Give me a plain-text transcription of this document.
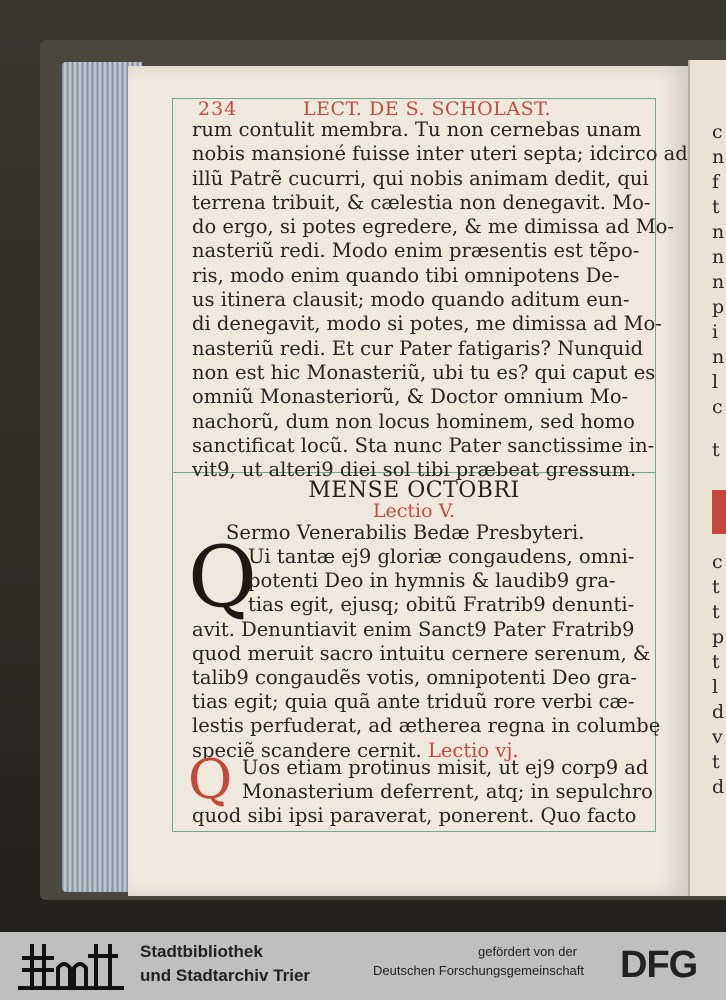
c
n
f
t
n
n
n
p
i
n
l
c
t
c
t
t
p
t
l
d
v
t
d
234	LECT. DE S. SCHOLAST.
rum contulit membra. Tu non cernebas unam
nobis mansioné fuisse inter uteri septa; idcirco ad
illũ Patrẽ cucurri, qui nobis animam dedit, qui
terrena tribuit, & cælestia non denegavit. Mo-
do ergo, si potes egredere, & me dimissa ad Mo-
nasteriũ redi. Modo enim præsentis est tẽpo-
ris, modo enim quando tibi omnipotens De-
us itinera clausit; modo quando aditum eun-
di denegavit, modo si potes, me dimissa ad Mo-
nasteriũ redi. Et cur Pater fatigaris? Nunquid
non est hic Monasteriũ, ubi tu es? qui caput es
omniũ Monasteriorũ, & Doctor omnium Mo-
nachorũ, dum non locus hominem, sed homo
sanctificat locũ. Sta nunc Pater sanctissime in-
vit9, ut alteri9 diei sol tibi præbeat gressum.
MENSE OCTOBRI
Lectio V.
Sermo Venerabilis Bedæ Presbyteri.
Q
Ui tantæ ej9 gloriæ congaudens, omni-
potenti Deo in hymnis & laudib9 gra-
tias egit, ejusq; obitũ Fratrib9 denunti-
avit. Denuntiavit enim Sanct9 Pater Fratrib9
quod meruit sacro intuitu cernere serenum, &
talib9 congaudẽs votis, omnipotenti Deo gra-
tias egit; quia quã ante triduũ rore verbi cæ-
lestis perfuderat, ad ætherea regna in columbę
speciẽ scandere cernit. Lectio vj.
Q Uos etiam protinus misit, ut ej9 corp9 ad
Monasterium deferrent, atq; in sepulchro
quod sibi ipsi paraverat, ponerent. Quo facto
Stadtbibliothek
und Stadtarchiv Trier
gefördert von der
Deutschen Forschungsgemeinschaft DFG
